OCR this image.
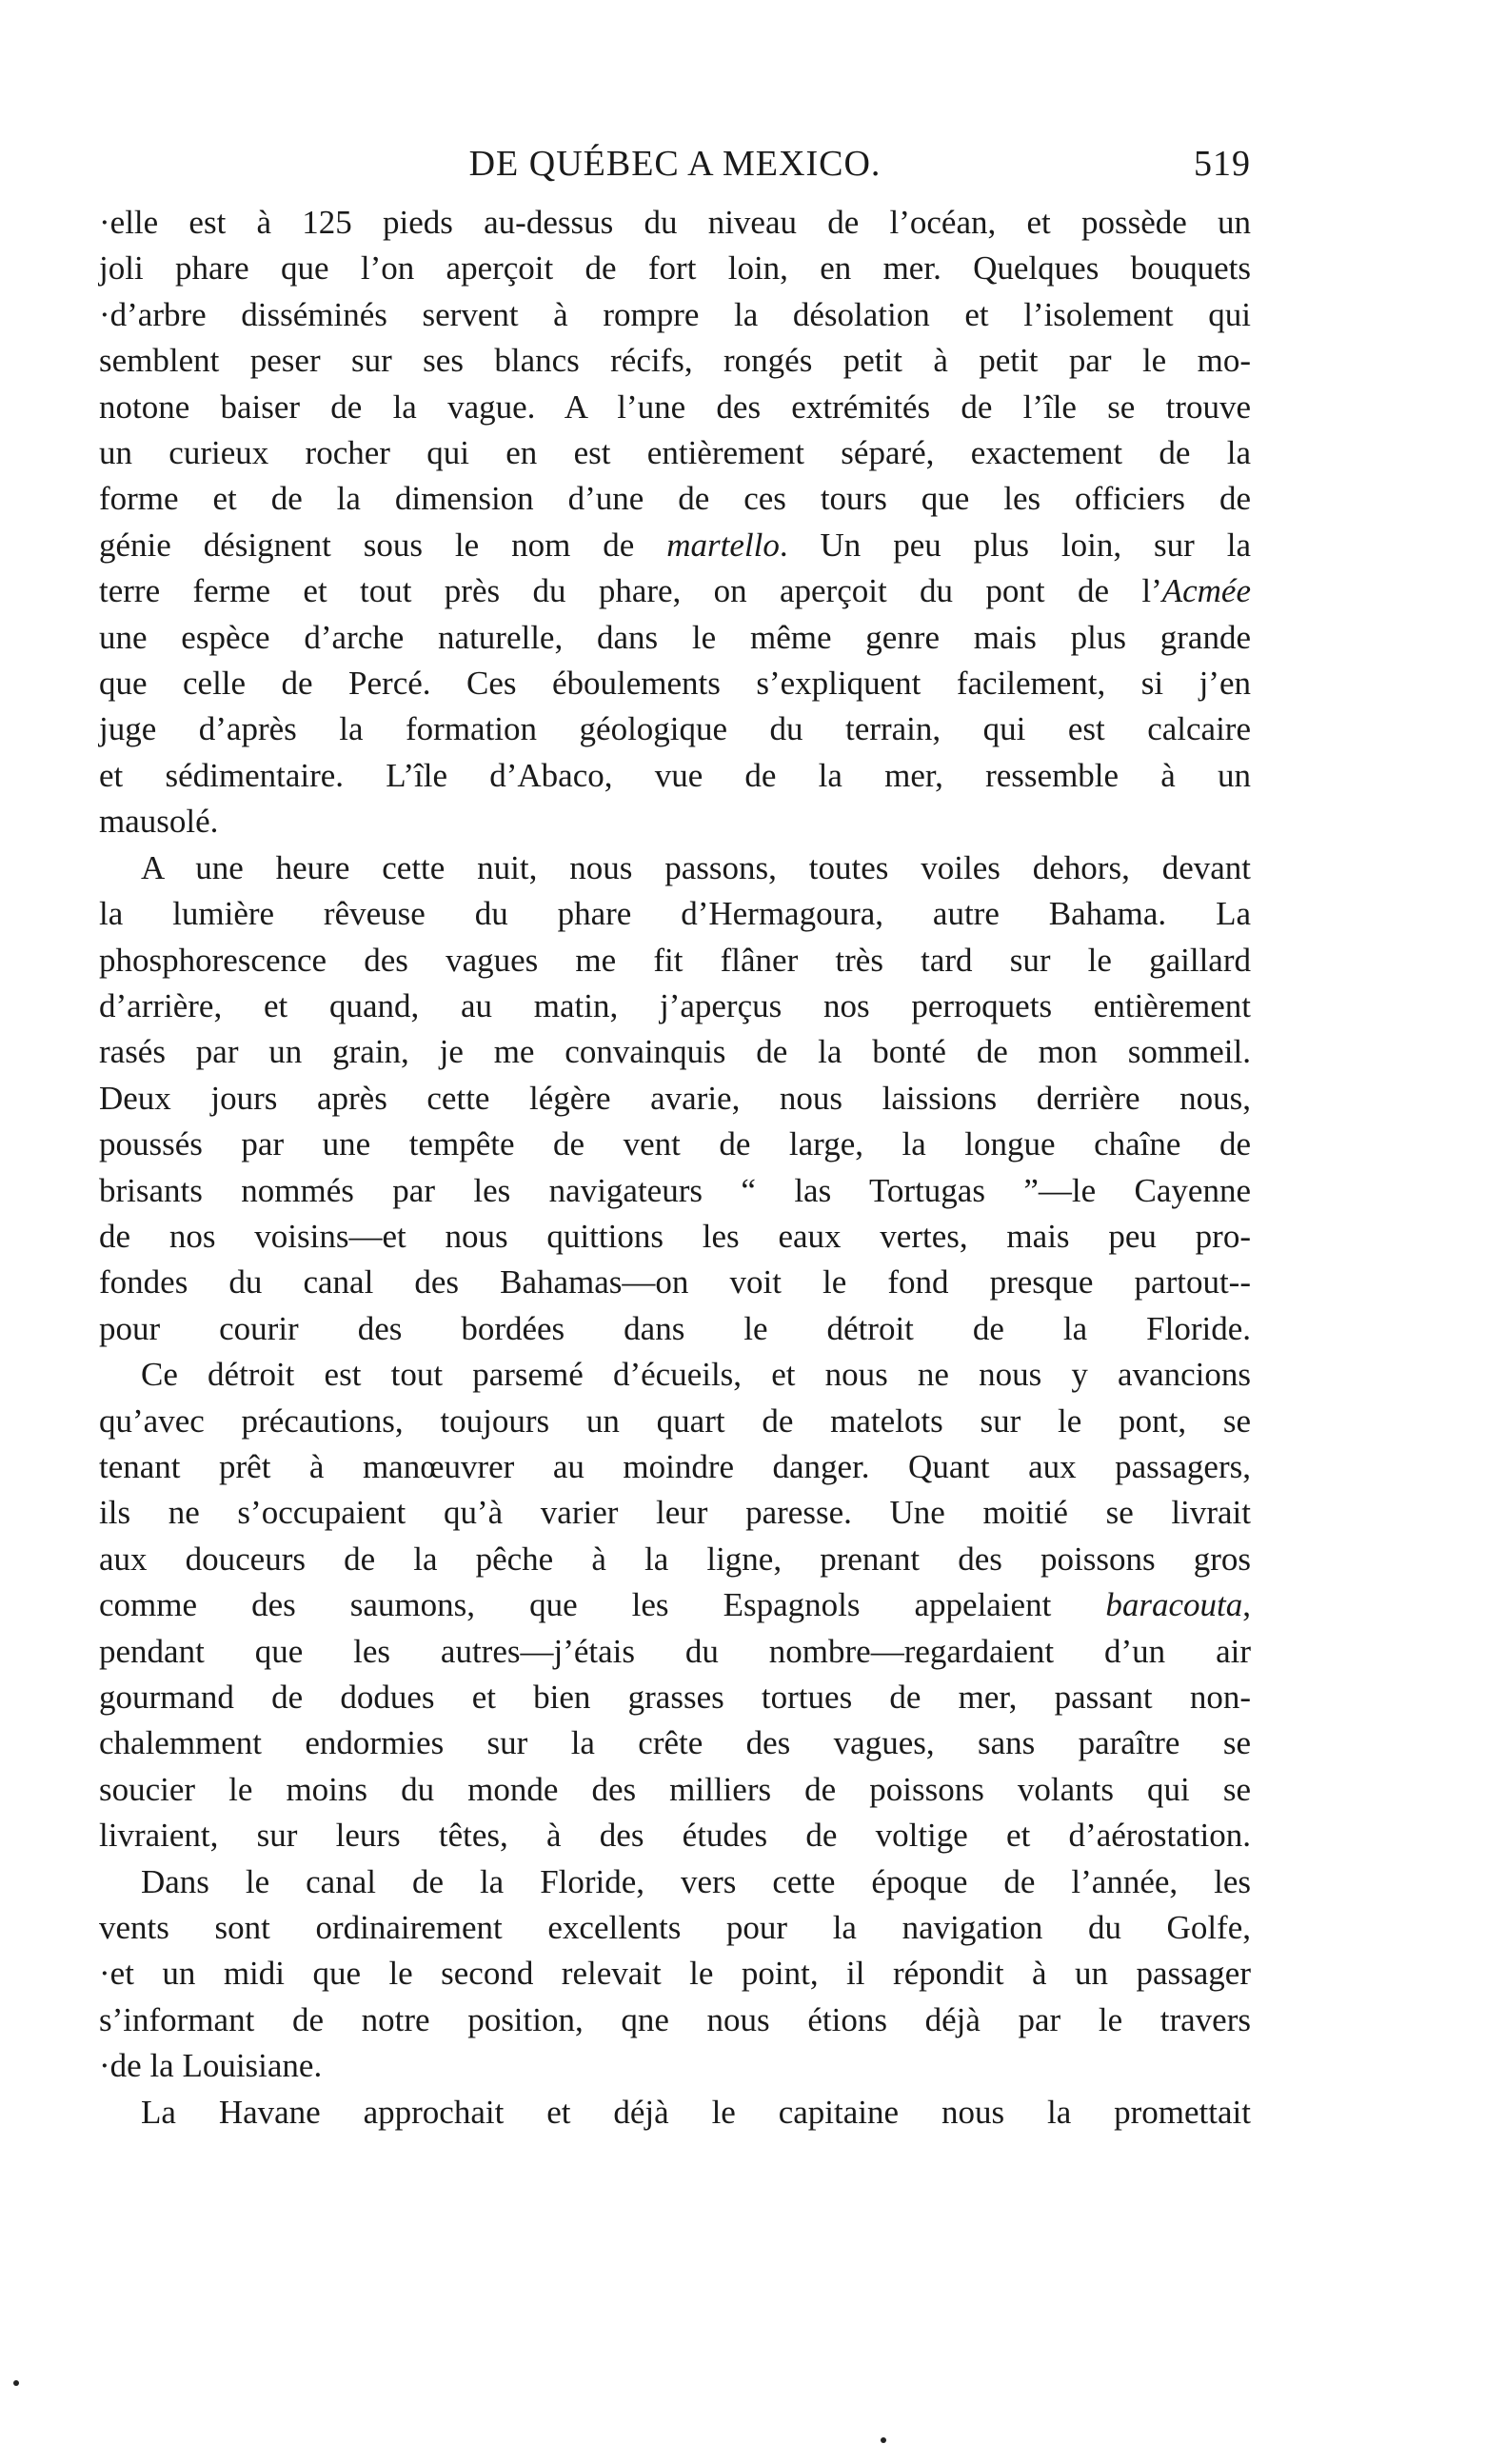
DE QUÉBEC A MEXICO.	519

·elle est à 125 pieds au-dessus du niveau de l’océan, et possède un
joli phare que l’on aperçoit de fort loin, en mer. Quelques bouquets
·d’arbre disséminés servent à rompre la désolation et l’isolement qui
semblent peser sur ses blancs récifs, rongés petit à petit par le mo-
notone baiser de la vague. A l’une des extrémités de l’île se trouve
un curieux rocher qui en est entièrement séparé, exactement de la
forme et de la dimension d’une de ces tours que les officiers de
génie désignent sous le nom de martello. Un peu plus loin, sur la
terre ferme et tout près du phare, on aperçoit du pont de l’Acmée
une espèce d’arche naturelle, dans le même genre mais plus grande
que celle de Percé. Ces éboulements s’expliquent facilement, si j’en
juge d’après la formation géologique du terrain, qui est calcaire
et sédimentaire. L’île d’Abaco, vue de la mer, ressemble à un
mausolé.

A une heure cette nuit, nous passons, toutes voiles dehors, devant
la lumière rêveuse du phare d’Hermagoura, autre Bahama. La
phosphorescence des vagues me fit flâner très tard sur le gaillard
d’arrière, et quand, au matin, j’aperçus nos perroquets entièrement
rasés par un grain, je me convainquis de la bonté de mon sommeil.
Deux jours après cette légère avarie, nous laissions derrière nous,
poussés par une tempête de vent de large, la longue chaîne de
brisants nommés par les navigateurs “ las Tortugas ”—le Cayenne
de nos voisins—et nous quittions les eaux vertes, mais peu pro-
fondes du canal des Bahamas—on voit le fond presque partout--
pour courir des bordées dans le détroit de la Floride.

Ce détroit est tout parsemé d’écueils, et nous ne nous y avancions
qu’avec précautions, toujours un quart de matelots sur le pont, se
tenant prêt à manœuvrer au moindre danger. Quant aux passagers,
ils ne s’occupaient qu’à varier leur paresse. Une moitié se livrait
aux douceurs de la pêche à la ligne, prenant des poissons gros
comme des saumons, que les Espagnols appelaient baracouta,
pendant que les autres—j’étais du nombre—regardaient d’un air
gourmand de dodues et bien grasses tortues de mer, passant non-
chalemment endormies sur la crête des vagues, sans paraître se
soucier le moins du monde des milliers de poissons volants qui se
livraient, sur leurs têtes, à des études de voltige et d’aérostation.

Dans le canal de la Floride, vers cette époque de l’année, les
vents sont ordinairement excellents pour la navigation du Golfe,
·et un midi que le second relevait le point, il répondit à un passager
s’informant de notre position, qne nous étions déjà par le travers
·de la Louisiane.

La Havane approchait et déjà le capitaine nous la promettait
